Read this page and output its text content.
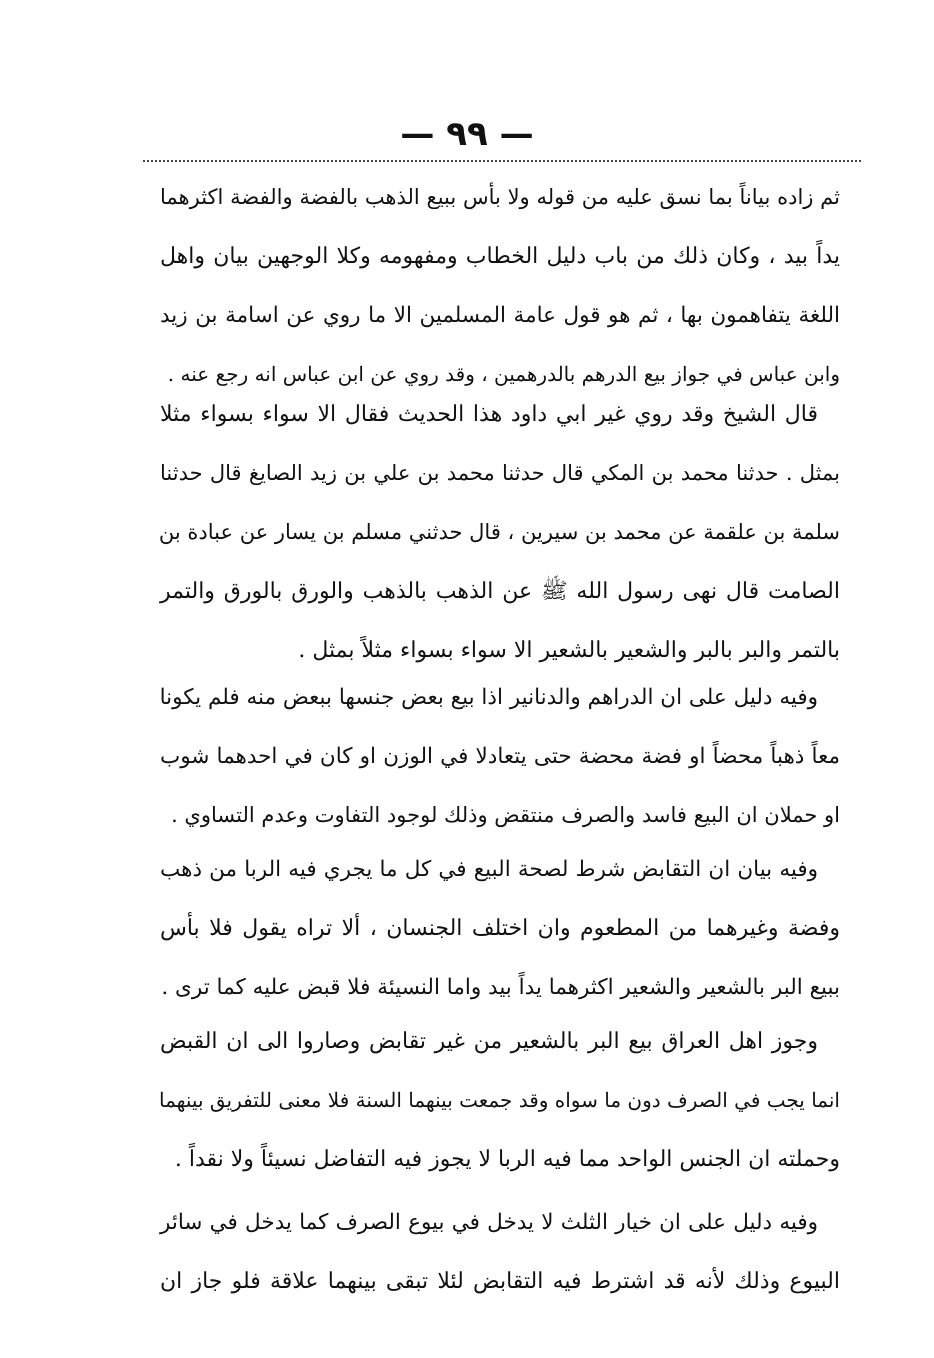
— ٩٩ —
ثم زاده بياناً بما نسق عليه من قوله ولا بأس ببيع الذهب بالفضة والفضة اكثرهما
يداً بيد ، وكان ذلك من باب دليل الخطاب ومفهومه وكلا الوجهين بيان واهل
اللغة يتفاهمون بها ، ثم هو قول عامة المسلمين الا ما روي عن اسامة بن زيد
وابن عباس في جواز بيع الدرهم بالدرهمين ، وقد روي عن ابن عباس انه رجع عنه .
قال الشيخ وقد روي غير ابي داود هذا الحديث فقال الا سواء بسواء مثلا
بمثل . حدثنا محمد بن المكي قال حدثنا محمد بن علي بن زيد الصايغ قال حدثنا
سلمة بن علقمة عن محمد بن سيرين ، قال حدثني مسلم بن يسار عن عبادة بن
الصامت قال نهى رسول الله ﷺ عن الذهب بالذهب والورق بالورق والتمر
بالتمر والبر بالبر والشعير بالشعير الا سواء بسواء مثلاً بمثل .
وفيه دليل على ان الدراهم والدنانير اذا بيع بعض جنسها ببعض منه فلم يكونا
معاً ذهباً محضاً او فضة محضة حتى يتعادلا في الوزن او كان في احدهما شوب
او حملان ان البيع فاسد والصرف منتقض وذلك لوجود التفاوت وعدم التساوي .
وفيه بيان ان التقابض شرط لصحة البيع في كل ما يجري فيه الربا من ذهب
وفضة وغيرهما من المطعوم وان اختلف الجنسان ، ألا تراه يقول فلا بأس
ببيع البر بالشعير والشعير اكثرهما يداً بيد واما النسيئة فلا قبض عليه كما ترى .
وجوز اهل العراق بيع البر بالشعير من غير تقابض وصاروا الى ان القبض
انما يجب في الصرف دون ما سواه وقد جمعت بينهما السنة فلا معنى للتفريق بينهما
وحملته ان الجنس الواحد مما فيه الربا لا يجوز فيه التفاضل نسيئاً ولا نقداً .
وفيه دليل على ان خيار الثلث لا يدخل في بيوع الصرف كما يدخل في سائر
البيوع وذلك لأنه قد اشترط فيه التقابض لئلا تبقى بينهما علاقة فلو جاز ان
